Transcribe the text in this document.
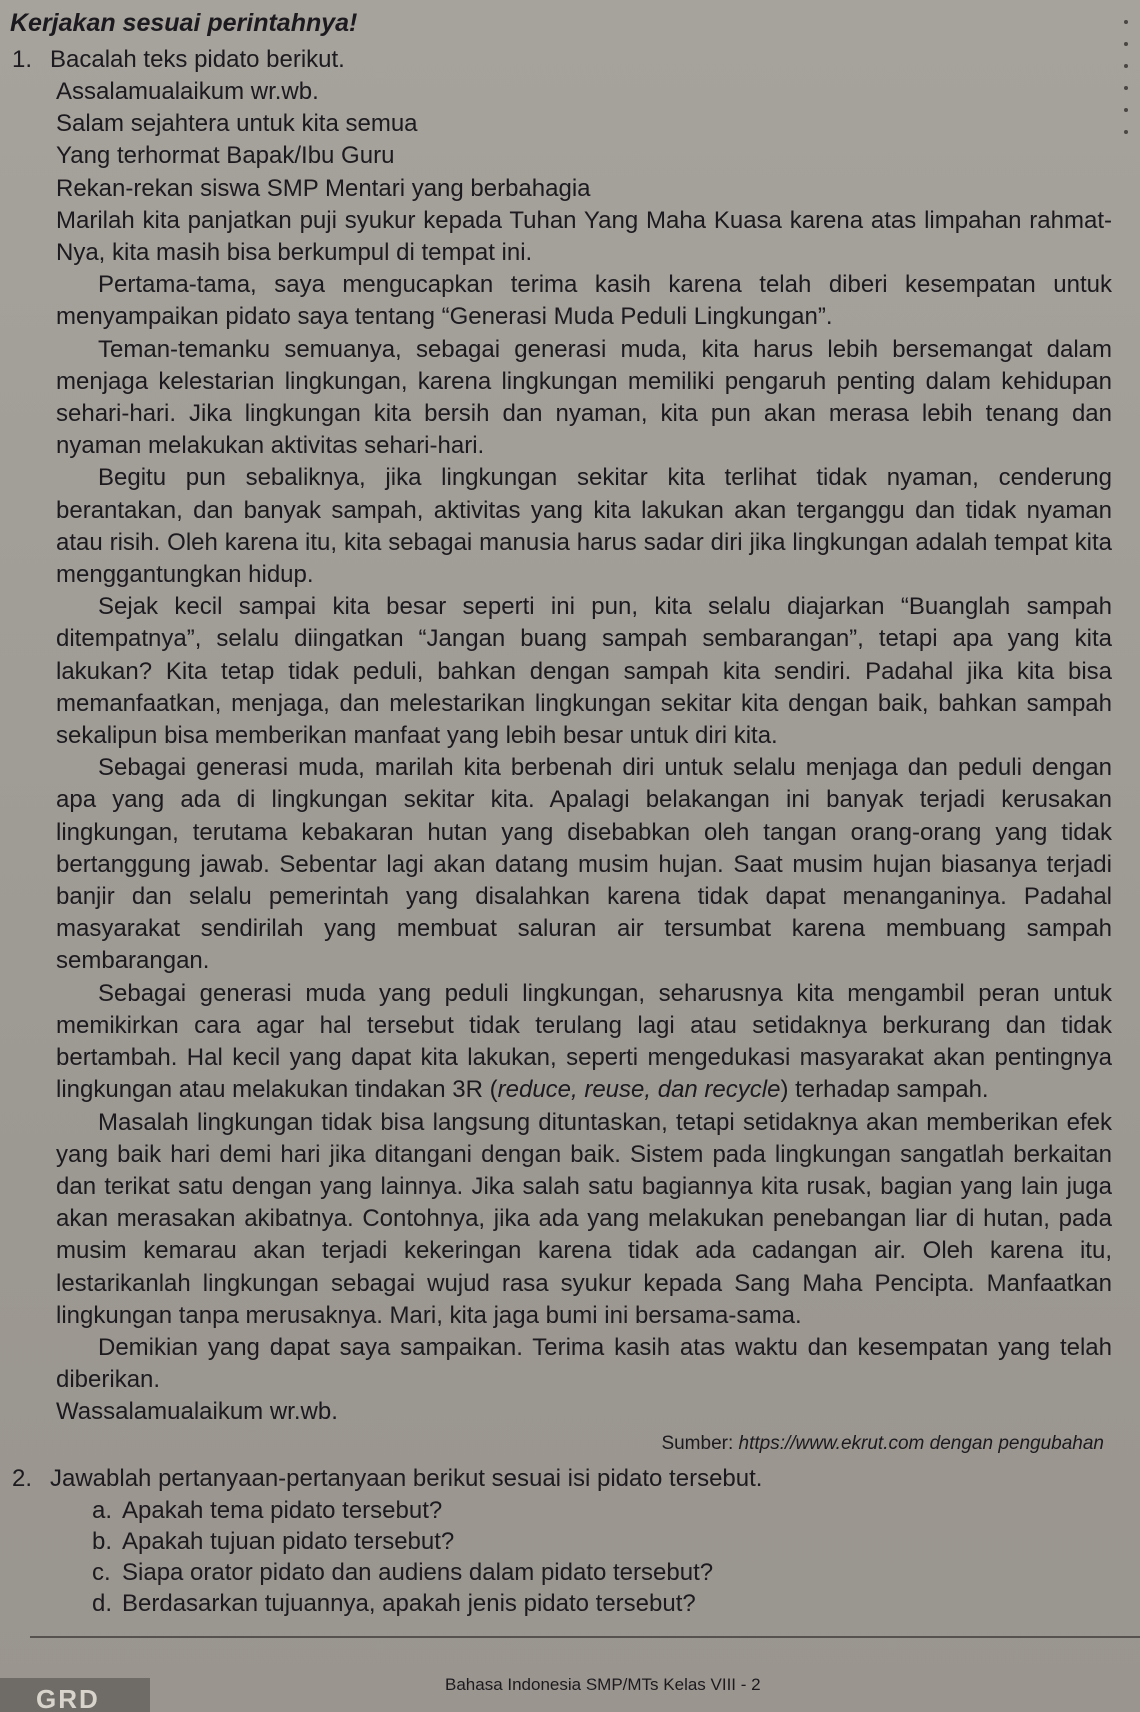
Kerjakan sesuai perintahnya!
1. Bacalah teks pidato berikut.
Assalamualaikum wr.wb.
Salam sejahtera untuk kita semua
Yang terhormat Bapak/Ibu Guru
Rekan-rekan siswa SMP Mentari yang berbahagia

Marilah kita panjatkan puji syukur kepada Tuhan Yang Maha Kuasa karena atas limpahan rahmat-Nya, kita masih bisa berkumpul di tempat ini.

Pertama-tama, saya mengucapkan terima kasih karena telah diberi kesempatan untuk menyampaikan pidato saya tentang “Generasi Muda Peduli Lingkungan”.

Teman-temanku semuanya, sebagai generasi muda, kita harus lebih bersemangat dalam menjaga kelestarian lingkungan, karena lingkungan memiliki pengaruh penting dalam kehidupan sehari-hari. Jika lingkungan kita bersih dan nyaman, kita pun akan merasa lebih tenang dan nyaman melakukan aktivitas sehari-hari.

Begitu pun sebaliknya, jika lingkungan sekitar kita terlihat tidak nyaman, cenderung berantakan, dan banyak sampah, aktivitas yang kita lakukan akan terganggu dan tidak nyaman atau risih. Oleh karena itu, kita sebagai manusia harus sadar diri jika lingkungan adalah tempat kita menggantungkan hidup.

Sejak kecil sampai kita besar seperti ini pun, kita selalu diajarkan “Buanglah sampah ditempatnya”, selalu diingatkan “Jangan buang sampah sembarangan”, tetapi apa yang kita lakukan? Kita tetap tidak peduli, bahkan dengan sampah kita sendiri. Padahal jika kita bisa memanfaatkan, menjaga, dan melestarikan lingkungan sekitar kita dengan baik, bahkan sampah sekalipun bisa memberikan manfaat yang lebih besar untuk diri kita.

Sebagai generasi muda, marilah kita berbenah diri untuk selalu menjaga dan peduli dengan apa yang ada di lingkungan sekitar kita. Apalagi belakangan ini banyak terjadi kerusakan lingkungan, terutama kebakaran hutan yang disebabkan oleh tangan orang-orang yang tidak bertanggung jawab. Sebentar lagi akan datang musim hujan. Saat musim hujan biasanya terjadi banjir dan selalu pemerintah yang disalahkan karena tidak dapat menanganinya. Padahal masyarakat sendirilah yang membuat saluran air tersumbat karena membuang sampah sembarangan.

Sebagai generasi muda yang peduli lingkungan, seharusnya kita mengambil peran untuk memikirkan cara agar hal tersebut tidak terulang lagi atau setidaknya berkurang dan tidak bertambah. Hal kecil yang dapat kita lakukan, seperti mengedukasi masyarakat akan pentingnya lingkungan atau melakukan tindakan 3R (reduce, reuse, dan recycle) terhadap sampah.

Masalah lingkungan tidak bisa langsung dituntaskan, tetapi setidaknya akan memberikan efek yang baik hari demi hari jika ditangani dengan baik. Sistem pada lingkungan sangatlah berkaitan dan terikat satu dengan yang lainnya. Jika salah satu bagiannya kita rusak, bagian yang lain juga akan merasakan akibatnya. Contohnya, jika ada yang melakukan penebangan liar di hutan, pada musim kemarau akan terjadi kekeringan karena tidak ada cadangan air. Oleh karena itu, lestarikanlah lingkungan sebagai wujud rasa syukur kepada Sang Maha Pencipta. Manfaatkan lingkungan tanpa merusaknya. Mari, kita jaga bumi ini bersama-sama.

Demikian yang dapat saya sampaikan. Terima kasih atas waktu dan kesempatan yang telah diberikan.

Wassalamualaikum wr.wb.
Sumber: https://www.ekrut.com dengan pengubahan
2. Jawablah pertanyaan-pertanyaan berikut sesuai isi pidato tersebut.
a. Apakah tema pidato tersebut?
b. Apakah tujuan pidato tersebut?
c. Siapa orator pidato dan audiens dalam pidato tersebut?
d. Berdasarkan tujuannya, apakah jenis pidato tersebut?
GRD	Bahasa Indonesia SMP/MTs Kelas VIII - 2
